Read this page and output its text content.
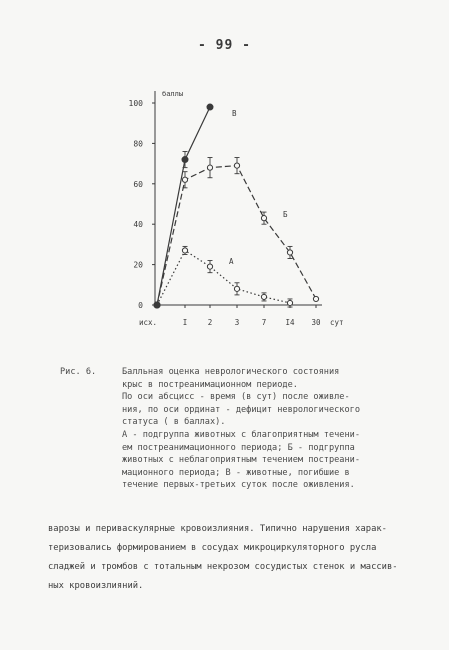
- 99 -
0
20
40
60
80
100
баллы
исх.	I	2	3	7	I4 30 сут
В
Б
А
Рис. 6.	Балльная оценка неврологического состояния
крыс в постреанимационном периоде.
По оси абсцисс - время (в сут) после оживле-
ния, по оси ординат - дефицит неврологического
статуса ( в баллах).
А - подгруппа животных с благоприятным течени-
ем постреанимационного периода; Б - подгруппа
животных с неблагоприятным течением постреани-
мационного периода; В - животные, погибшие в
течение первых-третьих суток после оживления.
варозы и периваскулярные кровоизлияния. Типично нарушения харак-
теризовались формированием в сосудах микроциркуляторного русла
сладжей и тромбов с тотальным некрозом сосудистых стенок и массив-
ных кровоизлияний.
